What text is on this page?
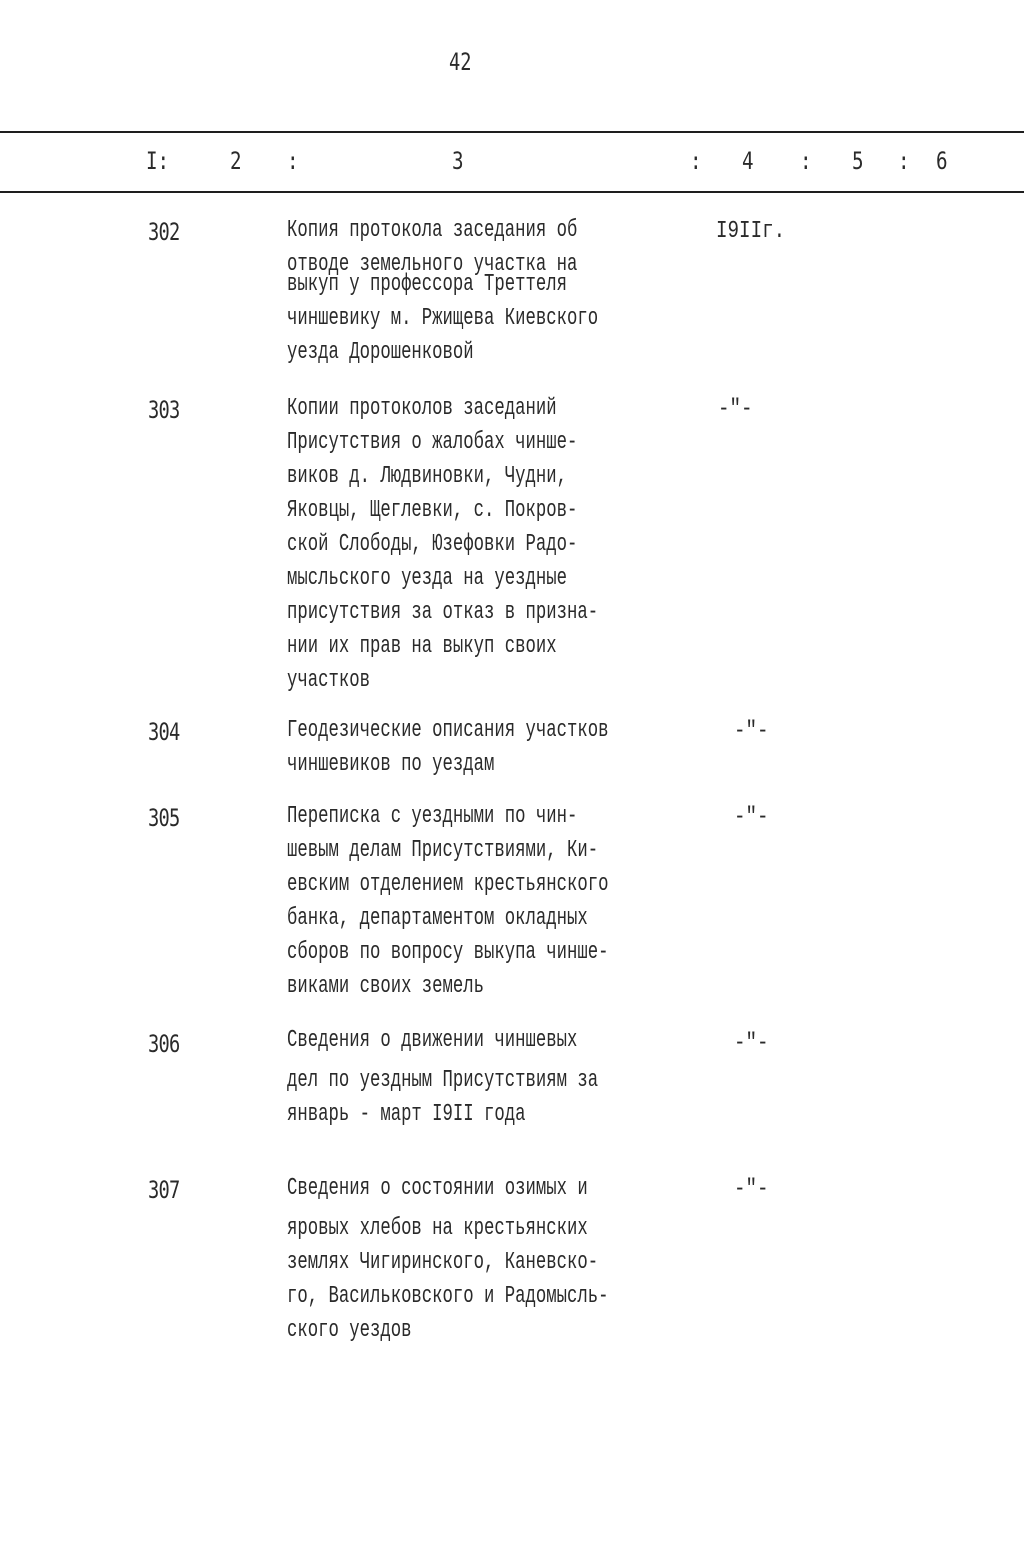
42
I:	2 :	3	: 4 : 5 : 6
302	Копия протокола заседания об
отводе земельного участка на
выкуп у профессора Треттеля
чиншевику м. Ржищева Киевского
уезда Дорошенковой
I9IIг.
303	Копии протоколов заседаний
Присутствия о жалобах чинше-
виков д. Людвиновки, Чудни,
Яковцы, Щеглевки, с. Покров-
ской Слободы, Юзефовки Радо-
мысльского уезда на уездные
присутствия за отказ в призна-
нии их прав на выкуп своих
участков
-"-
304	Геодезические описания участков
чиншевиков по уездам
-"-
305	Переписка с уездными по чин-
шевым делам Присутствиями, Ки-
евским отделением крестьянского
банка, департаментом окладных
сборов по вопросу выкупа чинше-
виками своих земель
-"-
306	Сведения о движении чиншевых
дел по уездным Присутствиям за
январь - март I9II года
-"-
307	Сведения о состоянии озимых и
яровых хлебов на крестьянских
землях Чигиринского, Каневско-
го, Васильковского и Радомысль-
ского уездов
-"-
